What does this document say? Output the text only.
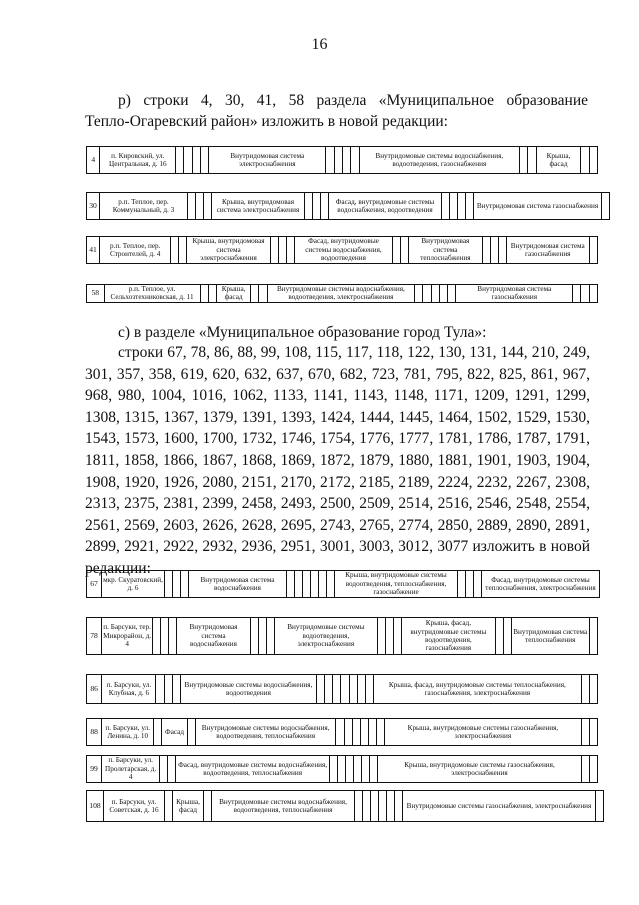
16
р) строки 4, 30, 41, 58 раздела «Муниципальное образование
Тепло-Огаревский район» изложить в новой редакции:
4	п. Кировский, ул. Центральная, д. 16					Внутридомовая система электроснабжения					Внутридомовые системы водоснабжения, водоотведения, газоснабжения			Крыша, фасад		
30	р.п. Теплое, пер. Коммунальный, д. 3				Крыша, внутридомовая система электроснабжения				Фасад, внутридомовые системы водоснабжения, водоотведения					Внутридомовая система газоснабжения	
41	р.п. Теплое, пер. Строителей, д. 4			Крыша, внутридомовая система электроснабжения				Фасад, внутридомовые системы водоснабжения, водоотведения			Внутридомовая система теплоснабжения				Внутридомовая система газоснабжения	
58	р.п. Теплое, ул. Сельхозтехниковская, д. 11			Крыша, фасад			Внутридомовые системы водоснабжения, водоотведения, электроснабжения						Внутридомовая система газоснабжения			
с) в разделе «Муниципальное образование город Тула»:
строки 67, 78, 86, 88, 99, 108, 115, 117, 118, 122, 130, 131, 144, 210, 249,
301, 357, 358, 619, 620, 632, 637, 670, 682, 723, 781, 795, 822, 825, 861, 967,
968, 980, 1004, 1016, 1062, 1133, 1141, 1143, 1148, 1171, 1209, 1291, 1299,
1308, 1315, 1367, 1379, 1391, 1393, 1424, 1444, 1445, 1464, 1502, 1529, 1530,
1543, 1573, 1600, 1700, 1732, 1746, 1754, 1776, 1777, 1781, 1786, 1787, 1791,
1811, 1858, 1866, 1867, 1868, 1869, 1872, 1879, 1880, 1881, 1901, 1903, 1904,
1908, 1920, 1926, 2080, 2151, 2170, 2172, 2185, 2189, 2224, 2232, 2267, 2308,
2313, 2375, 2381, 2399, 2458, 2493, 2500, 2509, 2514, 2516, 2546, 2548, 2554,
2561, 2569, 2603, 2626, 2628, 2695, 2743, 2765, 2774, 2850, 2889, 2890, 2891,
2899, 2921, 2922, 2932, 2936, 2951, 3001, 3003, 3012, 3077 изложить в новой
редакции:
67	мкр. Скуратовский, д. 6				Внутридомовая система водоснабжения							Крыша, внутридомовые системы водоотведения, теплоснабжения, газоснабжение				Фасад, внутридомовые системы теплоснабжения, электроснабжения
78	п. Барсуки, тер. Микрорайон, д. 4				Внутридомовая система водоснабжения				Внутридомовые системы водоотведения, электроснабжения				Крыша, фасад, внутридомовые системы водоотведения, газоснабжения			Внутридомовая система теплоснабжения	
86	п. Барсуки, ул. Клубная, д. 6				Внутридомовые системы водоснабжения, водоотведения								Крыша, фасад, внутридомовые системы теплоснабжения, газоснабжения, электроснабжения		
88	п. Барсуки, ул. Ленина, д. 10		Фасад		Внутридомовые системы водоснабжения, водоотведения, теплоснабжения							Крыша, внутридомовые системы газоснабжения, электроснабжения		
99	п. Барсуки, ул. Пролетарская, д. 4			Фасад, внутридомовые системы водоснабжения, водоотведения, теплоснабжения							Крыша, внутридомовые системы газоснабжения, электроснабжения		
108	п. Барсуки, ул. Советская, д. 16		Крыша, фасад		Внутридомовые системы водоснабжения, водоотведения, теплоснабжения							Внутридомовые системы газоснабжения, электроснабжения	
